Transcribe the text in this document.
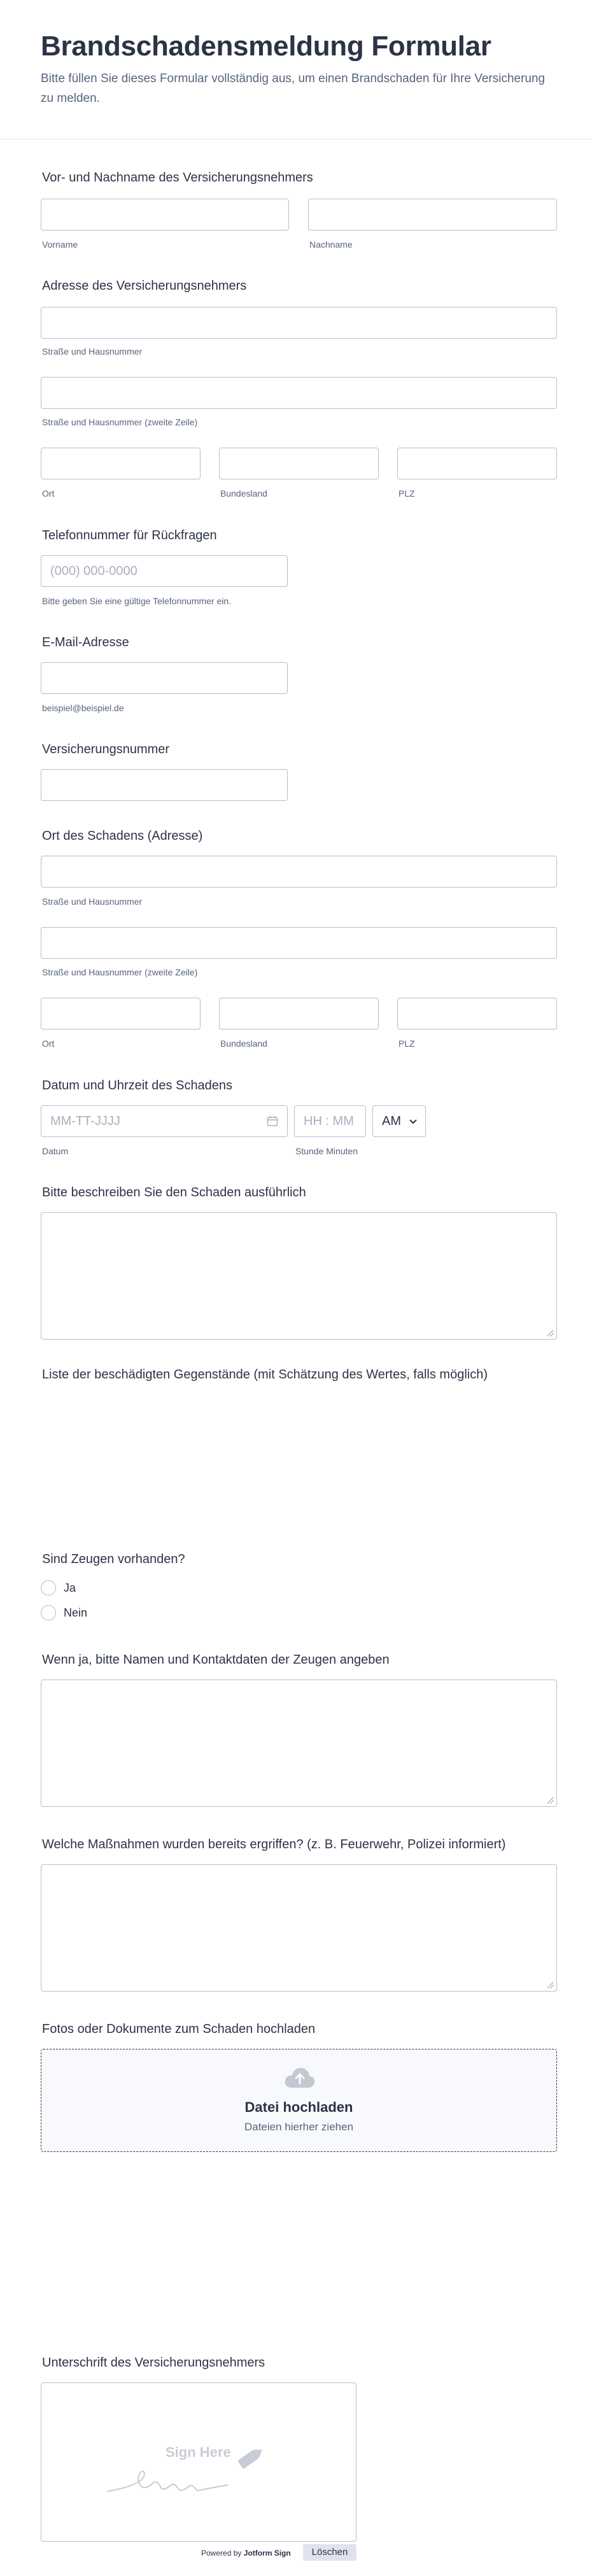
Brandschadensmeldung Formular
Bitte füllen Sie dieses Formular vollständig aus, um einen Brandschaden für Ihre Versicherung zu melden.
Vor- und Nachname des Versicherungsnehmers
Vorname	Nachname
Adresse des Versicherungsnehmers
Straße und Hausnummer
Straße und Hausnummer (zweite Zeile)
Ort	Bundesland	PLZ
Telefonnummer für Rückfragen
(000) 000-0000
Bitte geben Sie eine gültige Telefonnummer ein.
E-Mail-Adresse
beispiel@beispiel.de
Versicherungsnummer
Ort des Schadens (Adresse)
Straße und Hausnummer
Straße und Hausnummer (zweite Zeile)
Ort	Bundesland	PLZ
Datum und Uhrzeit des Schadens
MM-TT-JJJJ	HH : MM AM
Datum	Stunde Minuten
Bitte beschreiben Sie den Schaden ausführlich
Liste der beschädigten Gegenstände (mit Schätzung des Wertes, falls möglich)
Sind Zeugen vorhanden?
Ja
Nein
Wenn ja, bitte Namen und Kontaktdaten der Zeugen angeben
Welche Maßnahmen wurden bereits ergriffen? (z. B. Feuerwehr, Polizei informiert)
Fotos oder Dokumente zum Schaden hochladen
Datei hochladen
Dateien hierher ziehen
Unterschrift des Versicherungsnehmers
Sign Here
Powered by Jotform Sign	Löschen
